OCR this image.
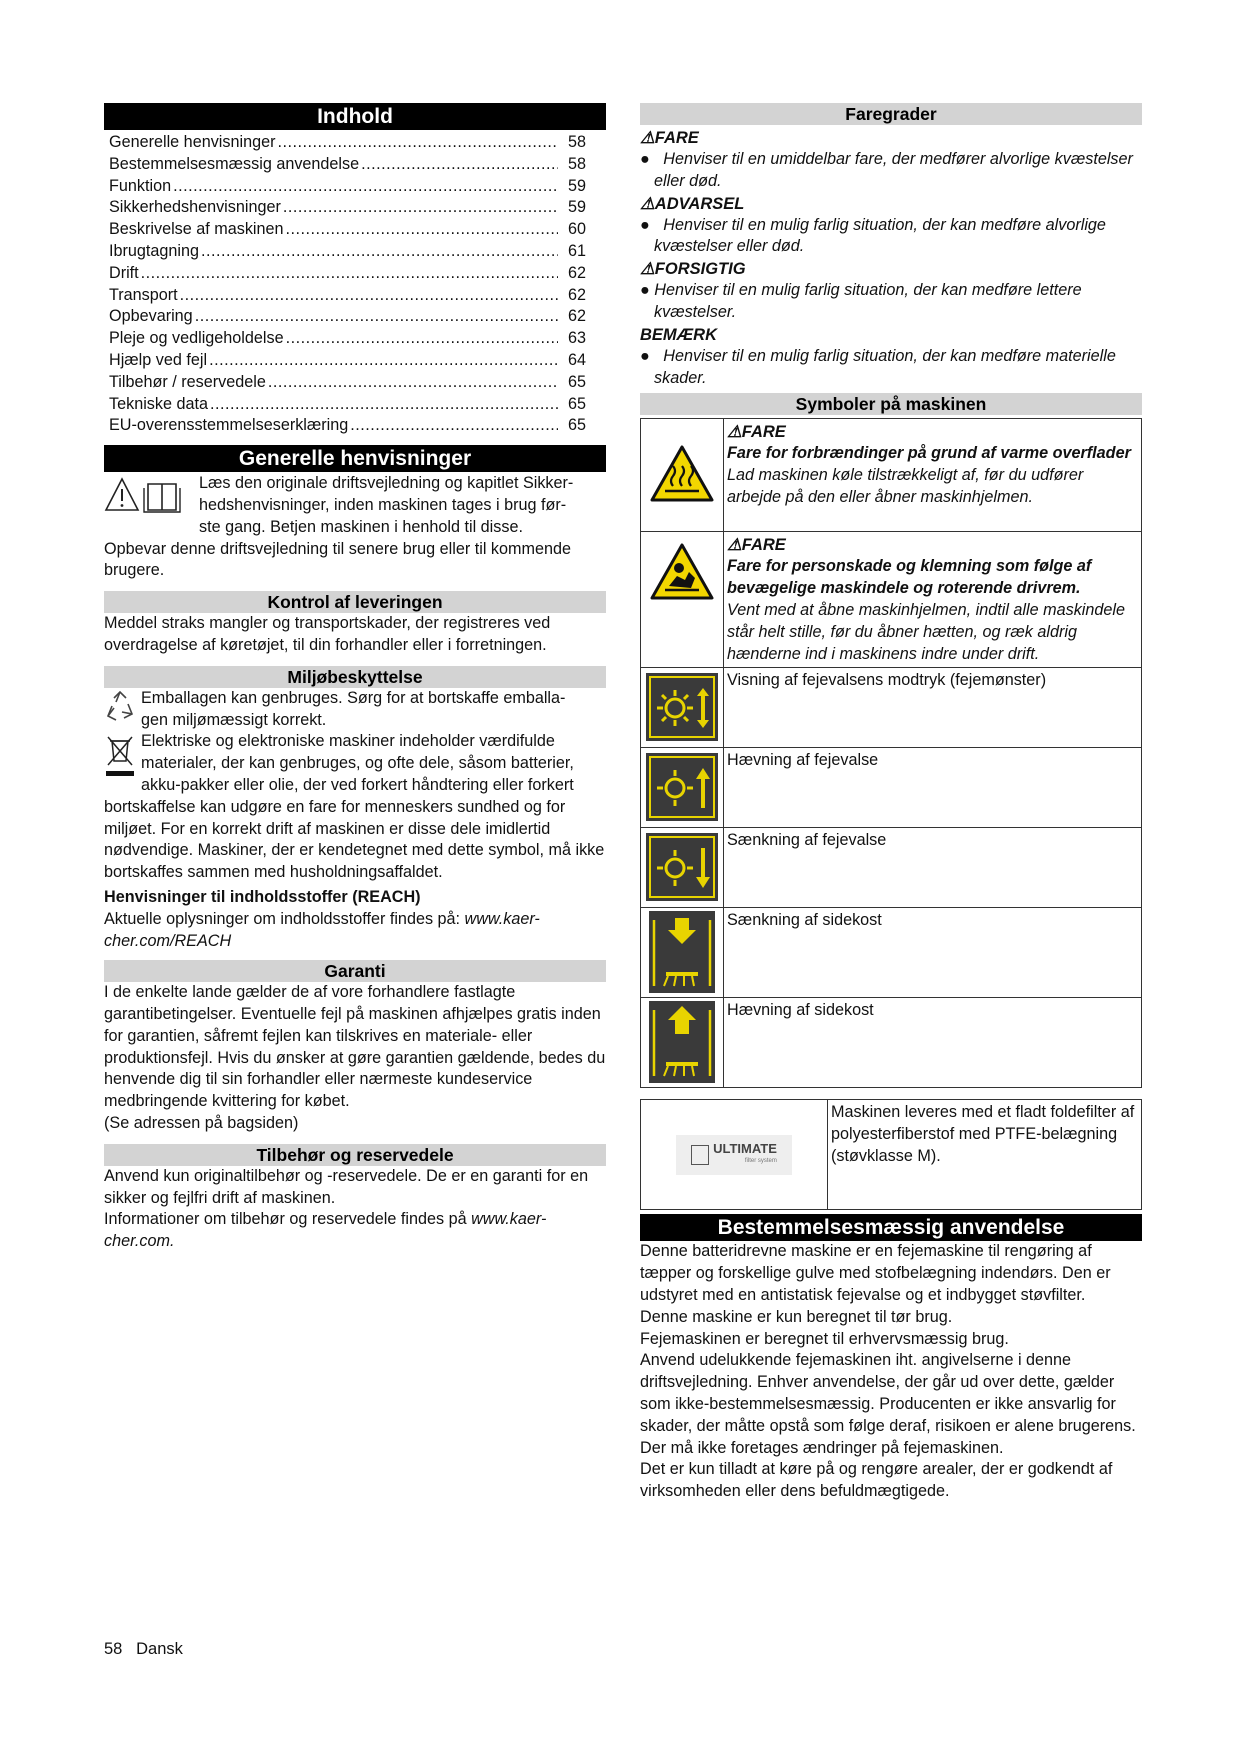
Indhold
Generelle henvisninger .....	58
Bestemmelsesmæssig anvendelse .....	58
Funktion .....	59
Sikkerhedshenvisninger .....	59
Beskrivelse af maskinen .....	60
Ibrugtagning .....	61
Drift .....	62
Transport .....	62
Opbevaring .....	62
Pleje og vedligeholdelse .....	63
Hjælp ved fejl .....	64
Tilbehør / reservedele .....	65
Tekniske data .....	65
EU-overensstemmelseserklæring .....	65
Generelle henvisninger

Læs den originale driftsvejledning og kapitlet Sikker-

hedshenvisninger, inden maskinen tages i brug før-

ste gang. Betjen maskinen i henhold til disse.

Opbevar denne driftsvejledning til senere brug eller til kommende brugere.

Kontrol af leveringen

Meddel straks mangler og transportskader, der registreres ved overdragelse af køretøjet, til din forhandler eller i forretningen.

Miljøbeskyttelse

Emballagen kan genbruges. Sørg for at bortskaffe emballa-

gen miljømæssigt korrekt.

Elektriske og elektroniske maskiner indeholder værdifulde

materialer, der kan genbruges, og ofte dele, såsom batterier,

akku-pakker eller olie, der ved forkert håndtering eller forkert

bortskaffelse kan udgøre en fare for menneskers sundhed og for miljøet. For en korrekt drift af maskinen er disse dele imidlertid nødvendige. Maskiner, der er kendetegnet med dette symbol, må ikke bortskaffes sammen med husholdningsaffaldet.

Henvisninger til indholdsstoffer (REACH)

Aktuelle oplysninger om indholdsstoffer findes på: www.kaer-cher.com/REACH

Garanti

I de enkelte lande gælder de af vore forhandlere fastlagte garantibetingelser. Eventuelle fejl på maskinen afhjælpes gratis inden for garantien, såfremt fejlen kan tilskrives en materiale- eller produktionsfejl. Hvis du ønsker at gøre garantien gældende, bedes du henvende dig til sin forhandler eller nærmeste kundeservice medbringende kvittering for købet.

(Se adressen på bagsiden)

Tilbehør og reservedele

Anvend kun originaltilbehør og -reservedele. De er en garanti for en sikker og fejlfri drift af maskinen.

Informationer om tilbehør og reservedele findes på www.kaer-cher.com.

Faregrader

⚠FARE

●   Henviser til en umiddelbar fare, der medfører alvorlige kvæstelser eller død.

⚠ADVARSEL

●   Henviser til en mulig farlig situation, der kan medføre alvorlige kvæstelser eller død.

⚠FORSIGTIG

● Henviser til en mulig farlig situation, der kan medføre lettere kvæstelser.

BEMÆRK

●   Henviser til en mulig farlig situation, der kan medføre materielle skader.

Symboler på maskinen

⚠FARE
Fare for forbrændinger på grund af varme overflader
Lad maskinen køle tilstrækkeligt af, før du udfører arbejde på den eller åbner maskinhjelmen.

⚠FARE
Fare for personskade og klemning som følge af bevægelige maskindele og roterende drivrem.
Vent med at åbne maskinhjelmen, indtil alle maskindele står helt stille, før du åbner hætten, og ræk aldrig hænderne ind i maskinens indre under drift.

Visning af fejevalsens modtryk (fejemønster)

Hævning af fejevalse

Sænkning af fejevalse

Sænkning af sidekost

Hævning af sidekost
ULTIMATE
filter system

Maskinen leveres med et fladt foldefilter af polyesterfiberstof med PTFE-belægning (støvklasse M).
Bestemmelsesmæssig anvendelse

Denne batteridrevne maskine er en fejemaskine til rengøring af tæpper og forskellige gulve med stofbelægning indendørs. Den er udstyret med en antistatisk fejevalse og et indbygget støvfilter.

Denne maskine er kun beregnet til tør brug.

Fejemaskinen er beregnet til erhvervsmæssig brug.

Anvend udelukkende fejemaskinen iht. angivelserne i denne driftsvejledning. Enhver anvendelse, der går ud over dette, gælder som ikke-bestemmelsesmæssig. Producenten er ikke ansvarlig for skader, der måtte opstå som følge deraf, risikoen er alene brugerens.

Der må ikke foretages ændringer på fejemaskinen.

Det er kun tilladt at køre på og rengøre arealer, der er godkendt af virksomheden eller dens befuldmægtigede.

58 Dansk
